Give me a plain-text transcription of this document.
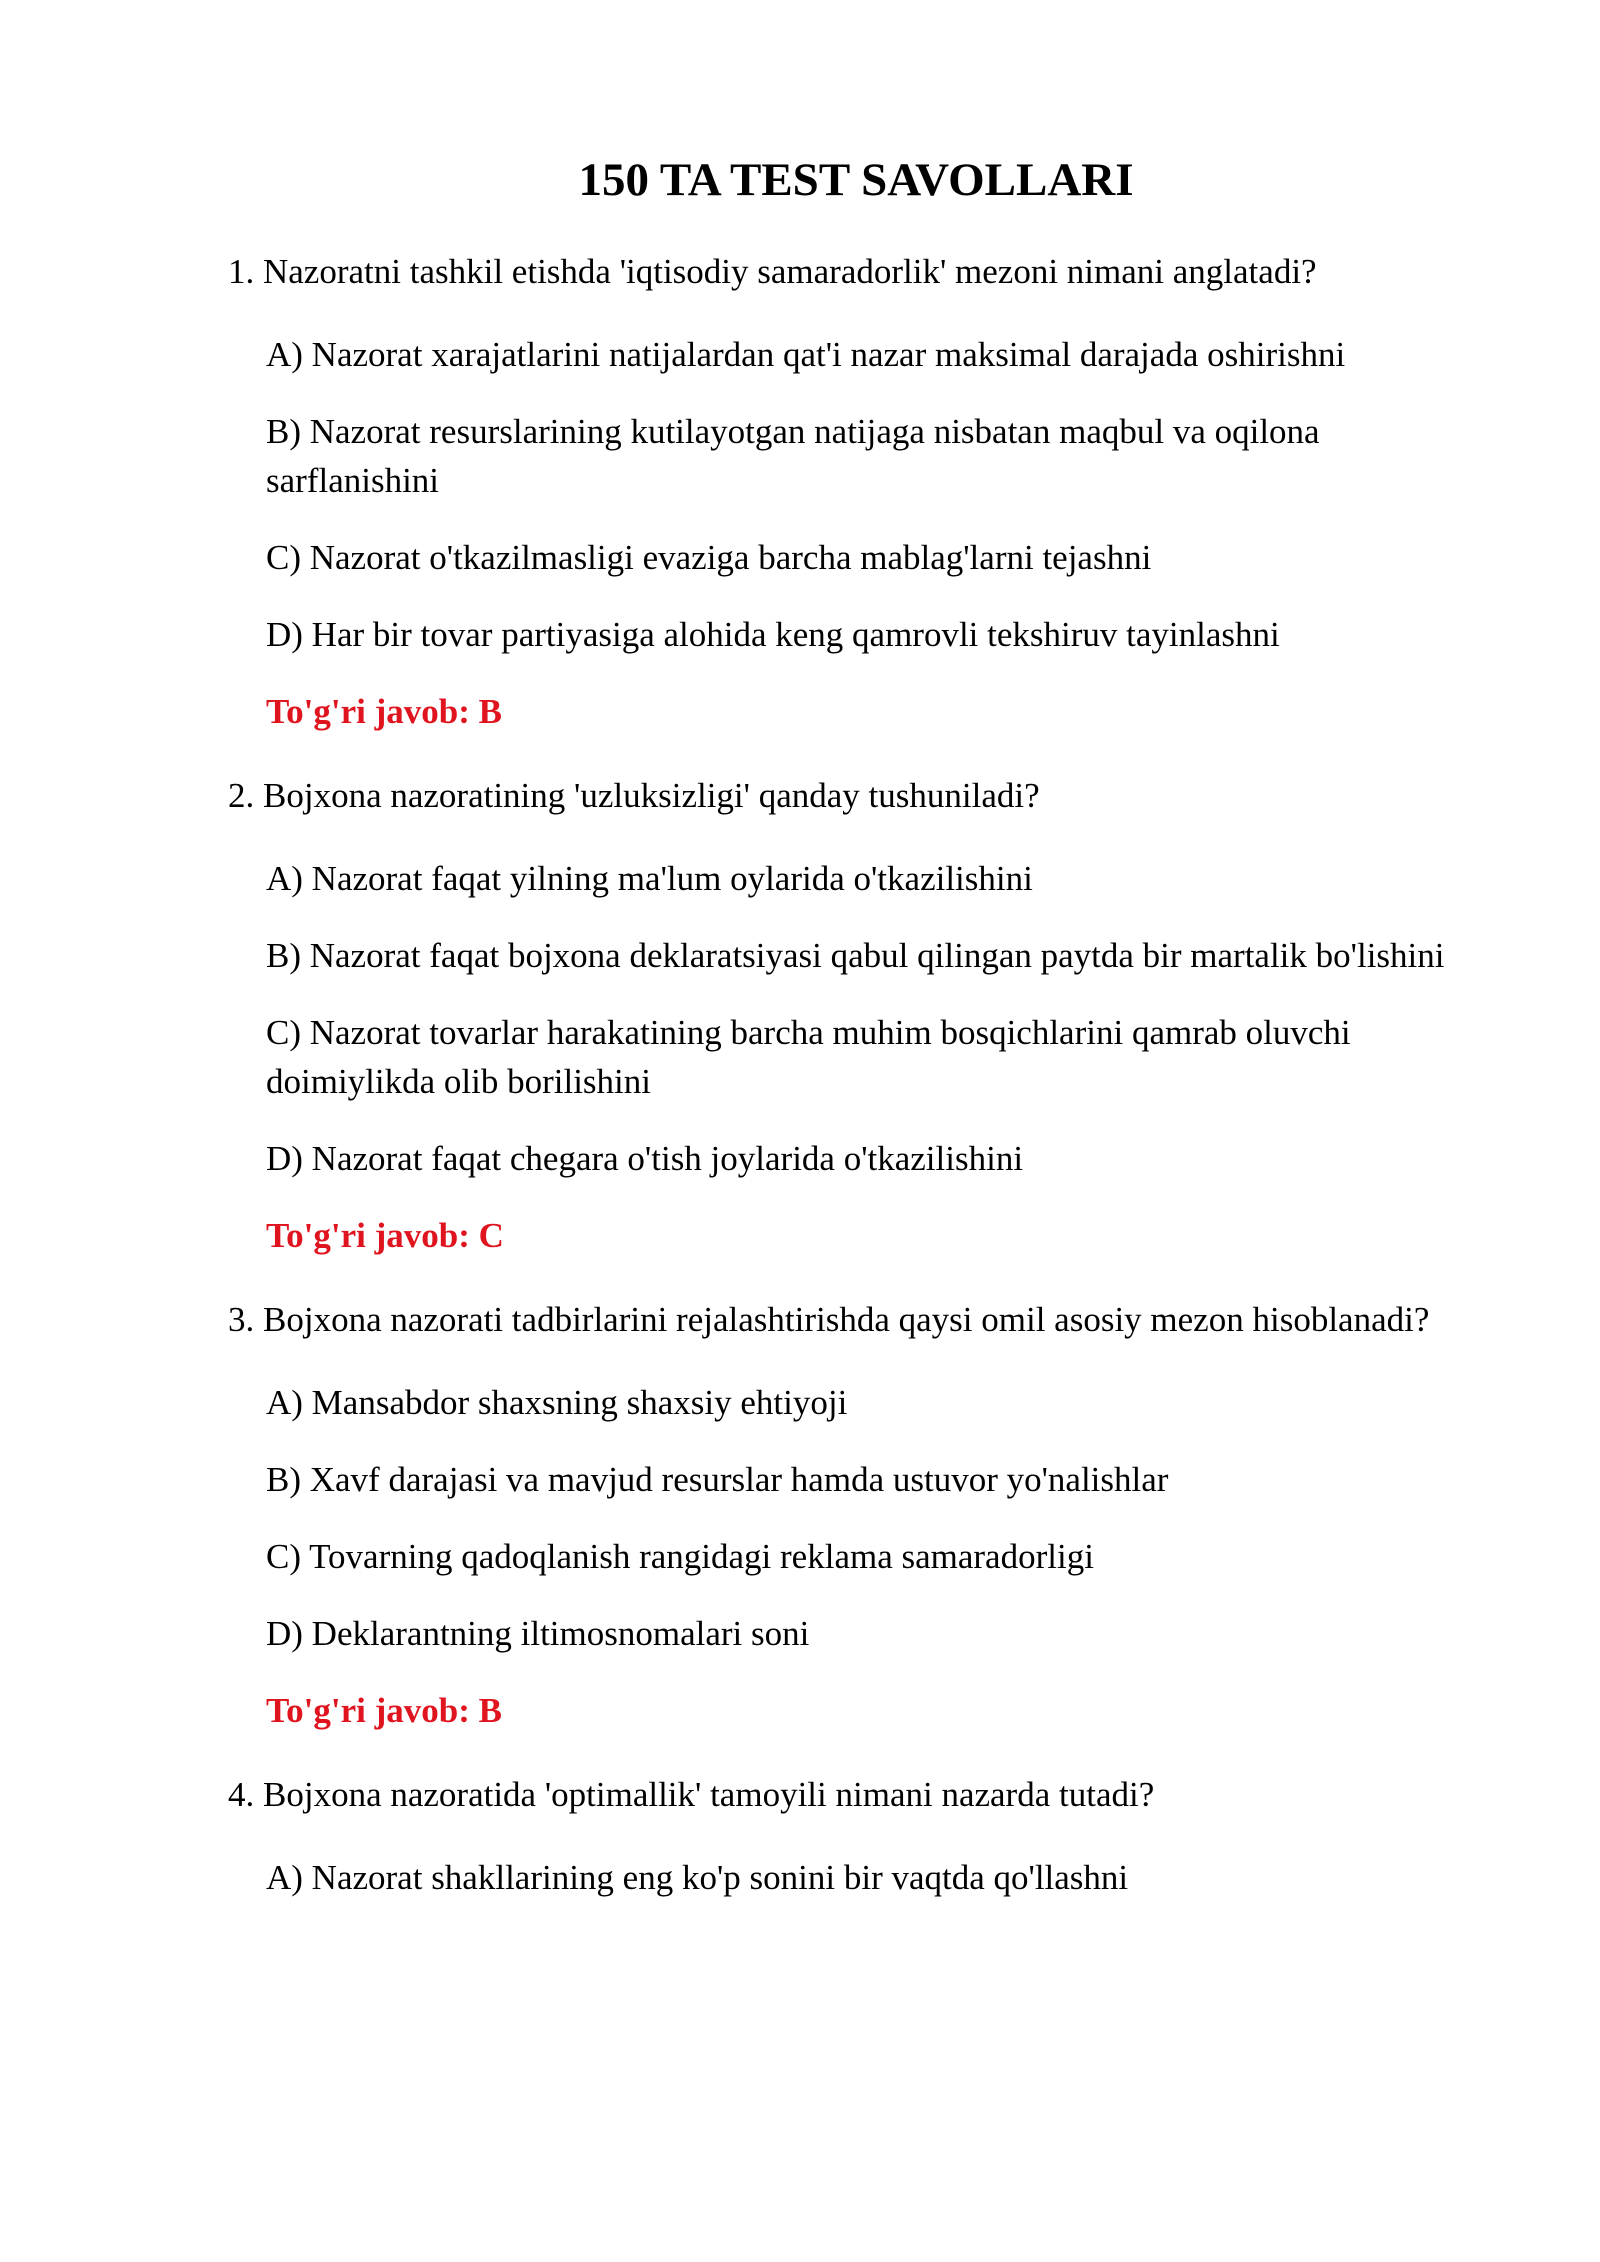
150 TA TEST SAVOLLARI

1. Nazoratni tashkil etishda 'iqtisodiy samaradorlik' mezoni nimani anglatadi?

A) Nazorat xarajatlarini natijalardan qat'i nazar maksimal darajada oshirishni

B) Nazorat resurslarining kutilayotgan natijaga nisbatan maqbul va oqilona sarflanishini

C) Nazorat o'tkazilmasligi evaziga barcha mablag'larni tejashni

D) Har bir tovar partiyasiga alohida keng qamrovli tekshiruv tayinlashni

To'g'ri javob: B

2. Bojxona nazoratining 'uzluksizligi' qanday tushuniladi?

A) Nazorat faqat yilning ma'lum oylarida o'tkazilishini

B) Nazorat faqat bojxona deklaratsiyasi qabul qilingan paytda bir martalik bo'lishini

C) Nazorat tovarlar harakatining barcha muhim bosqichlarini qamrab oluvchi doimiylikda olib borilishini

D) Nazorat faqat chegara o'tish joylarida o'tkazilishini

To'g'ri javob: C

3. Bojxona nazorati tadbirlarini rejalashtirishda qaysi omil asosiy mezon hisoblanadi?

A) Mansabdor shaxsning shaxsiy ehtiyoji

B) Xavf darajasi va mavjud resurslar hamda ustuvor yo'nalishlar

C) Tovarning qadoqlanish rangidagi reklama samaradorligi

D) Deklarantning iltimosnomalari soni

To'g'ri javob: B

4. Bojxona nazoratida 'optimallik' tamoyili nimani nazarda tutadi?

A) Nazorat shakllarining eng ko'p sonini bir vaqtda qo'llashni
